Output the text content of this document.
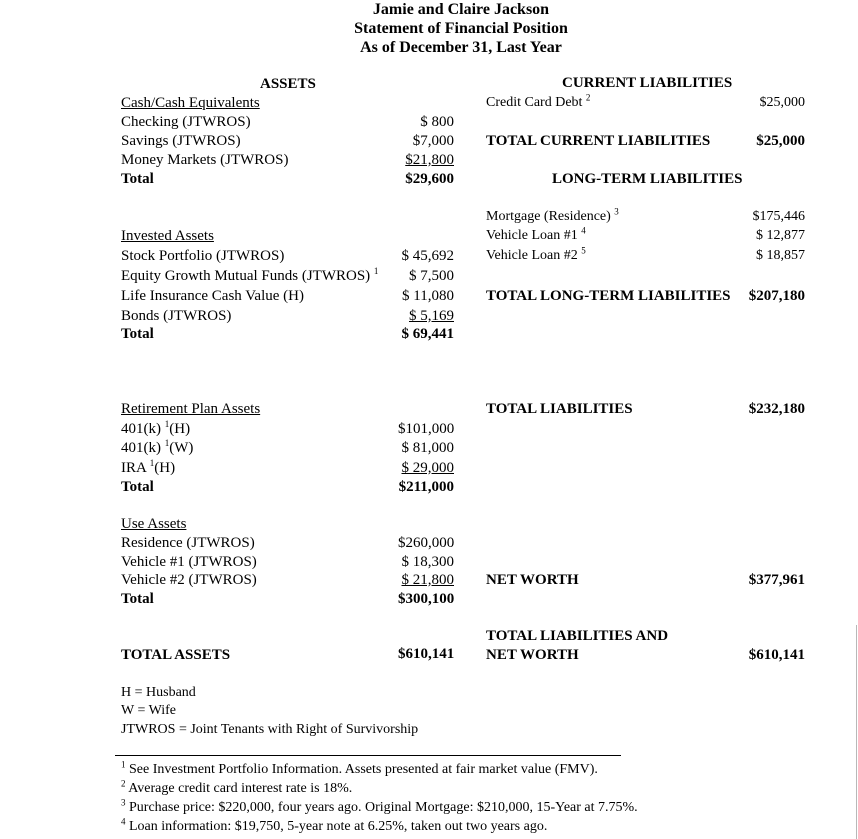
Jamie and Claire Jackson
Statement of Financial Position
As of December 31, Last Year
ASSETS
Cash/Cash Equivalents
Checking (JTWROS)	$ 800
Savings (JTWROS)	$7,000
Money Markets (JTWROS)	$21,800
Total	$29,600
Invested Assets
Stock Portfolio (JTWROS)	$ 45,692
Equity Growth Mutual Funds (JTWROS) $^1$	$ 7,500
Life Insurance Cash Value (H)	$ 11,080
Bonds (JTWROS)	$ 5,169
Total	$ 69,441
Retirement Plan Assets
401(k) $^1$(H)	$101,000
401(k) $^1$(W)	$ 81,000
IRA $^1$(H)	$ 29,000
Total	$211,000
Use Assets
Residence (JTWROS)	$260,000
Vehicle #1 (JTWROS)	$ 18,300
Vehicle #2 (JTWROS)	$ 21,800
Total	$300,100
TOTAL ASSETS	$610,141
CURRENT LIABILITIES
Credit Card Debt $^2$	$25,000
TOTAL CURRENT LIABILITIES	$25,000
LONG-TERM LIABILITIES
Mortgage (Residence) $^3$	$175,446
Vehicle Loan #1 $^4$	$ 12,877
Vehicle Loan #2 $^5$	$ 18,857
TOTAL LONG-TERM LIABILITIES	$207,180
TOTAL LIABILITIES	$232,180
NET WORTH	$377,961
TOTAL LIABILITIES AND
NET WORTH	$610,141
H = Husband
W = Wife
JTWROS = Joint Tenants with Right of Survivorship
$^1$ See Investment Portfolio Information. Assets presented at fair market value (FMV).
$^2$ Average credit card interest rate is 18%.
$^3$ Purchase price: $220,000, four years ago. Original Mortgage: $210,000, 15-Year at 7.75%.
$^4$ Loan information: $19,750, 5-year note at 6.25%, taken out two years ago.
